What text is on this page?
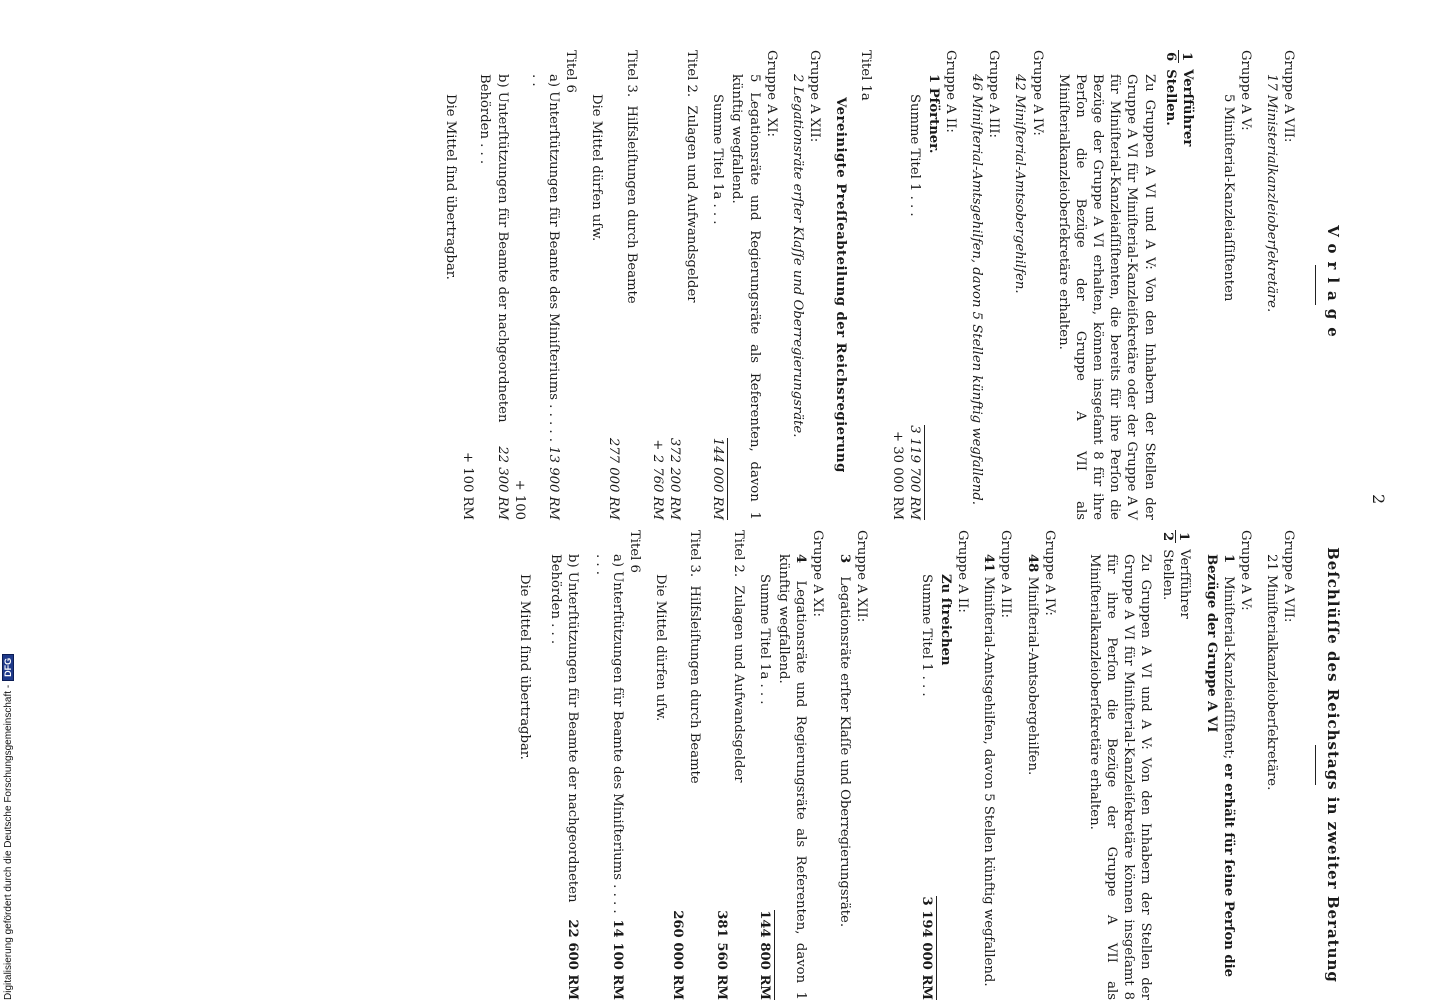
2
Vorlage
Gruppe A VII:
17 Ministerialkanzleioberſekretäre.
Gruppe A V:
5 Miniſterial-Kanzleiaſſiſtenten
1
6
Verſführer
Stellen.
Zu Gruppen A VI und A V: Von den Inhabern der Stellen der Gruppe A VI für Miniſterial-Kanzleiſekretäre oder der Gruppe A V für Miniſterial-Kanzleiaſſiſtenten, die bereits für ihre Perſon die Bezüge der Gruppe A VI erhalten, können insgeſamt 8 für ihre Perſon die Bezüge der Gruppe A VII als Miniſterialkanzleioberſekretäre erhalten.
Gruppe A IV:
42 Miniſterial-Amtsobergehilfen.
Gruppe A III:
46 Miniſterial-Amtsgehilfen, davon 5 Stellen künftig wegfallend.
Gruppe A II:
1 Pförtner.
Summe Titel 1 . . .
3 119 700 RM
+ 30 000 RM
Titel 1a
Vereinigte Preſſeabteilung der Reichsregierung
Gruppe A XII:
2 Legationsräte erſter Klaſſe und Oberregierungsräte.
Gruppe A XI:
5 Legationsräte und Regierungsräte als Referenten, davon 1 künftig wegfallend.
Summe Titel 1a . . .
144 000 RM
Titel 2.  Zulagen und Aufwandsgelder
372 200 RM
+ 2 760 RM
Titel 3.  Hilfsleiſtungen durch Beamte
277 000 RM
Die Mittel dürfen uſw.
Titel 6
a) Unterſtützungen für Beamte des Miniſteriums . . . . . . .
13 900 RM
+ 100
b) Unterſtützungen für Beamte der nachgeordneten Behörden . . .
22 300 RM
+ 100 RM
Die Mittel ſind übertragbar.
Beſchlüſſe des Reichstags in zweiter Beratung
Gruppe A VII:
21 Miniſterialkanzleioberſekretäre.
Gruppe A V:
1 Miniſterial-Kanzleiaſſiſtent; er erhält für ſeine Perſon die Bezüge der Gruppe A VI
1
2
Verſführer
Stellen.
Zu Gruppen A VI und A V: Von den Inhabern der Stellen der Gruppe A VI für Miniſterial-Kanzleiſekretäre können insgeſamt 8 für ihre Perſon die Bezüge der Gruppe A VII als Miniſterialkanzleioberſekretäre erhalten.
Gruppe A IV:
48 Miniſterial-Amtsobergehilfen.
Gruppe A III:
41 Miniſterial-Amtsgehilfen, davon 5 Stellen künftig wegfallend.
Gruppe A II:
Zu ſtreichen
Summe Titel 1 . . .
3 194 000 RM
Gruppe A XII:
3 Legationsräte erſter Klaſſe und Oberregierungsräte.
Gruppe A XI:
4 Legationsräte und Regierungsräte als Referenten, davon 1 künftig wegfallend.
Summe Titel 1a . . .
144 800 RM
Titel 2.  Zulagen und Aufwandsgelder
381 560 RM
Titel 3.  Hilfsleiſtungen durch Beamte
260 000 RM
Die Mittel dürfen uſw.
Titel 6
a) Unterſtützungen für Beamte des Miniſteriums . . . . . . .
14 100 RM
b) Unterſtützungen für Beamte der nachgeordneten Behörden . . .
22 600 RM
Die Mittel ſind übertragbar.
Digitalisierung gefördert durch die Deutsche Forschungsgemeinschaft -
DFG
